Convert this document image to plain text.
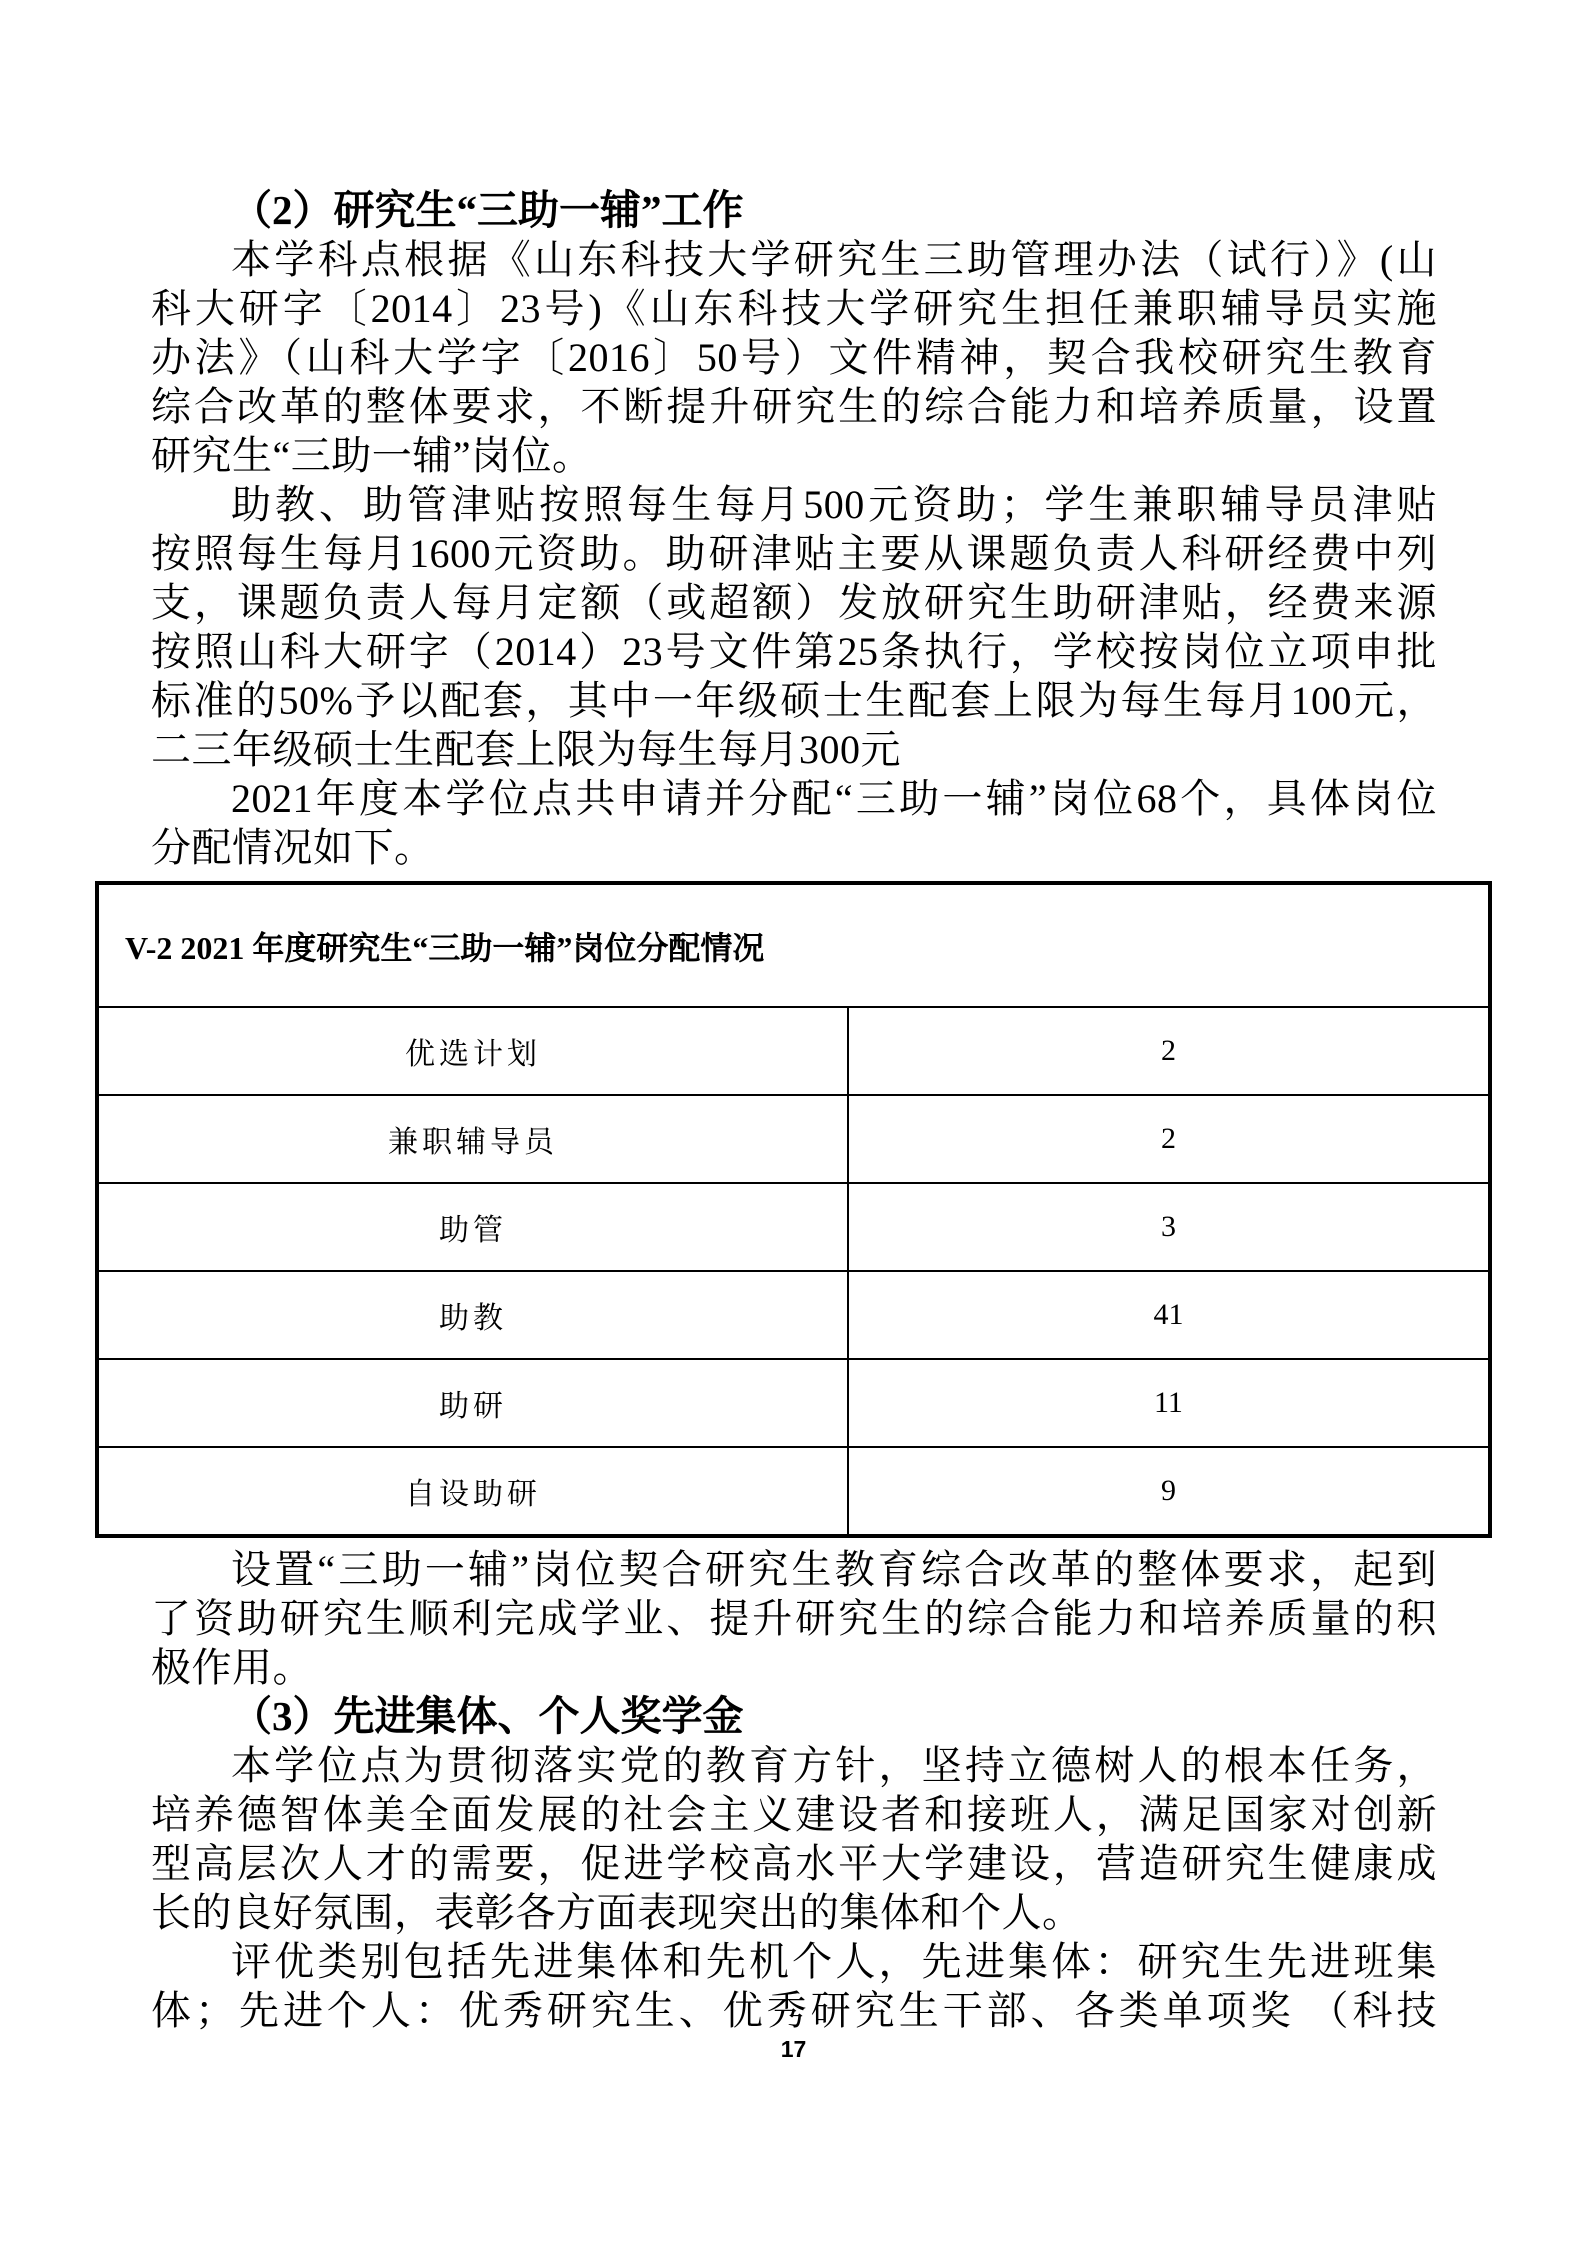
（2）研究生“三助一辅”工作
本学科点根据《山东科技大学研究生三助管理办法（试行）》(山
科大研字〔2014〕23号)《山东科技大学研究生担任兼职辅导员实施
办法》（山科大学字〔2016〕50号）文件精神，契合我校研究生教育
综合改革的整体要求，不断提升研究生的综合能力和培养质量，设置
研究生“三助一辅”岗位。
助教、助管津贴按照每生每月500元资助；学生兼职辅导员津贴
按照每生每月1600元资助。助研津贴主要从课题负责人科研经费中列
支，课题负责人每月定额（或超额）发放研究生助研津贴，经费来源
按照山科大研字（2014）23号文件第25条执行，学校按岗位立项申批
标准的50%予以配套，其中一年级硕士生配套上限为每生每月100元，
二三年级硕士生配套上限为每生每月300元
2021年度本学位点共申请并分配“三助一辅”岗位68个，具体岗位
分配情况如下。
V-2 2021 年度研究生“三助一辅”岗位分配情况
优选计划	2
兼职辅导员	2
助管	3
助教	41
助研	11
自设助研	9
设置“三助一辅”岗位契合研究生教育综合改革的整体要求，起到
了资助研究生顺利完成学业、提升研究生的综合能力和培养质量的积
极作用。
（3）先进集体、个人奖学金
本学位点为贯彻落实党的教育方针，坚持立德树人的根本任务，
培养德智体美全面发展的社会主义建设者和接班人，满足国家对创新
型高层次人才的需要，促进学校高水平大学建设，营造研究生健康成
长的良好氛围，表彰各方面表现突出的集体和个人。
评优类别包括先进集体和先机个人，先进集体：研究生先进班集
体；先进个人：优秀研究生、优秀研究生干部、各类单项奖 （科技
17
